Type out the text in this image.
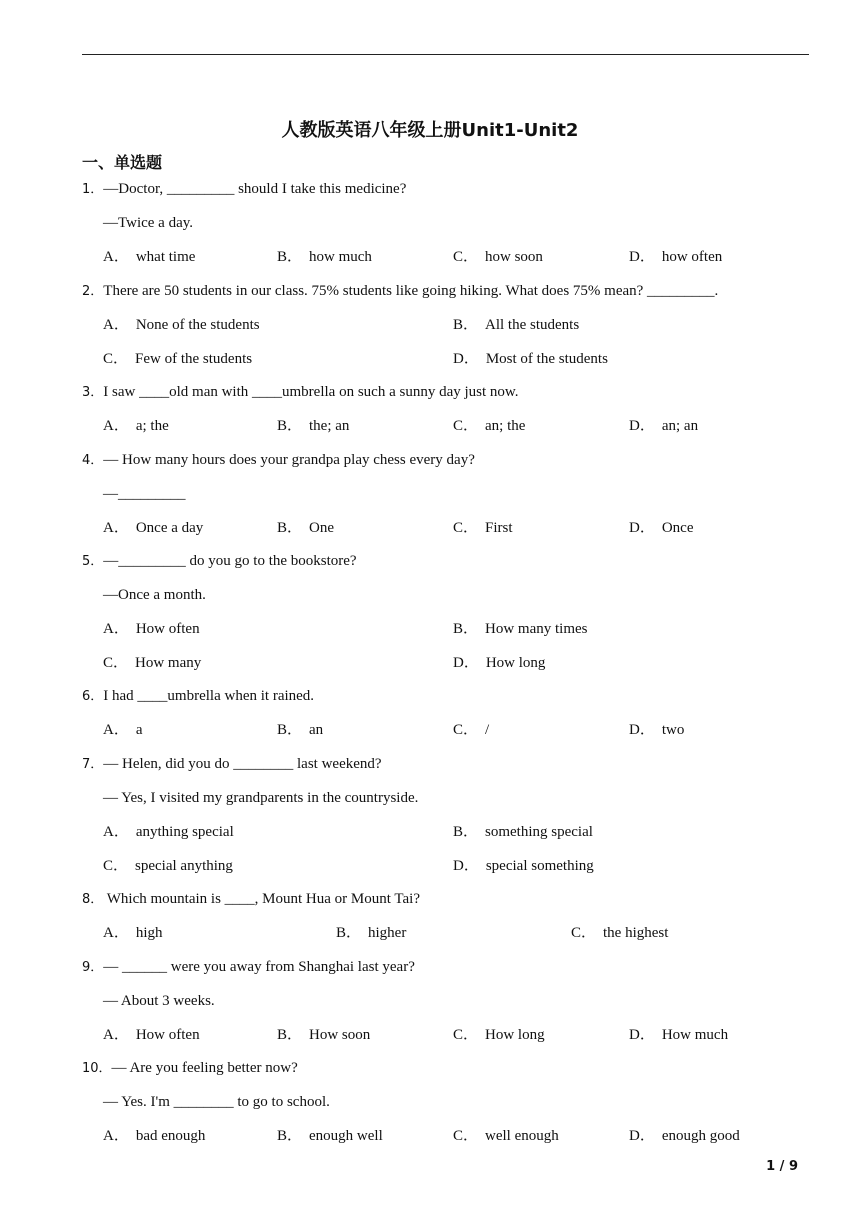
人教版英语八年级上册Unit1-Unit2
一、单选题
1．—Doctor, _________ should I take this medicine?
—Twice a day.
A． what time	B． how much	C． how soon	D． how often
2．There are 50 students in our class. 75% students like going hiking. What does 75% mean? _________.
A． None of the students	B． All the students
C． Few of the students	D． Most of the students
3．I saw ____old man with ____umbrella on such a sunny day just now.
A． a; the	B． the; an	C． an; the	D． an; an
4．— How many hours does your grandpa play chess every day?
—_________
A． Once a day	B． One	C． First	D． Once
5．—_________ do you go to the bookstore?
—Once a month.
A． How often	B． How many times
C． How many	D． How long
6．I had ____umbrella when it rained.
A． a	B． an	C． /	D． two
7．— Helen, did you do ________ last weekend?
— Yes, I visited my grandparents in the countryside.
A． anything special	B． something special
C． special anything	D． special something
8． Which mountain is ____, Mount Hua or Mount Tai?
A． high	B． higher	C． the highest
9．— ______ were you away from Shanghai last year?
— About 3 weeks.
A． How often	B． How soon	C． How long	D． How much
10．— Are you feeling better now?
— Yes. I'm ________ to go to school.
A． bad enough	B． enough well	C． well enough	D． enough good
1 / 9
